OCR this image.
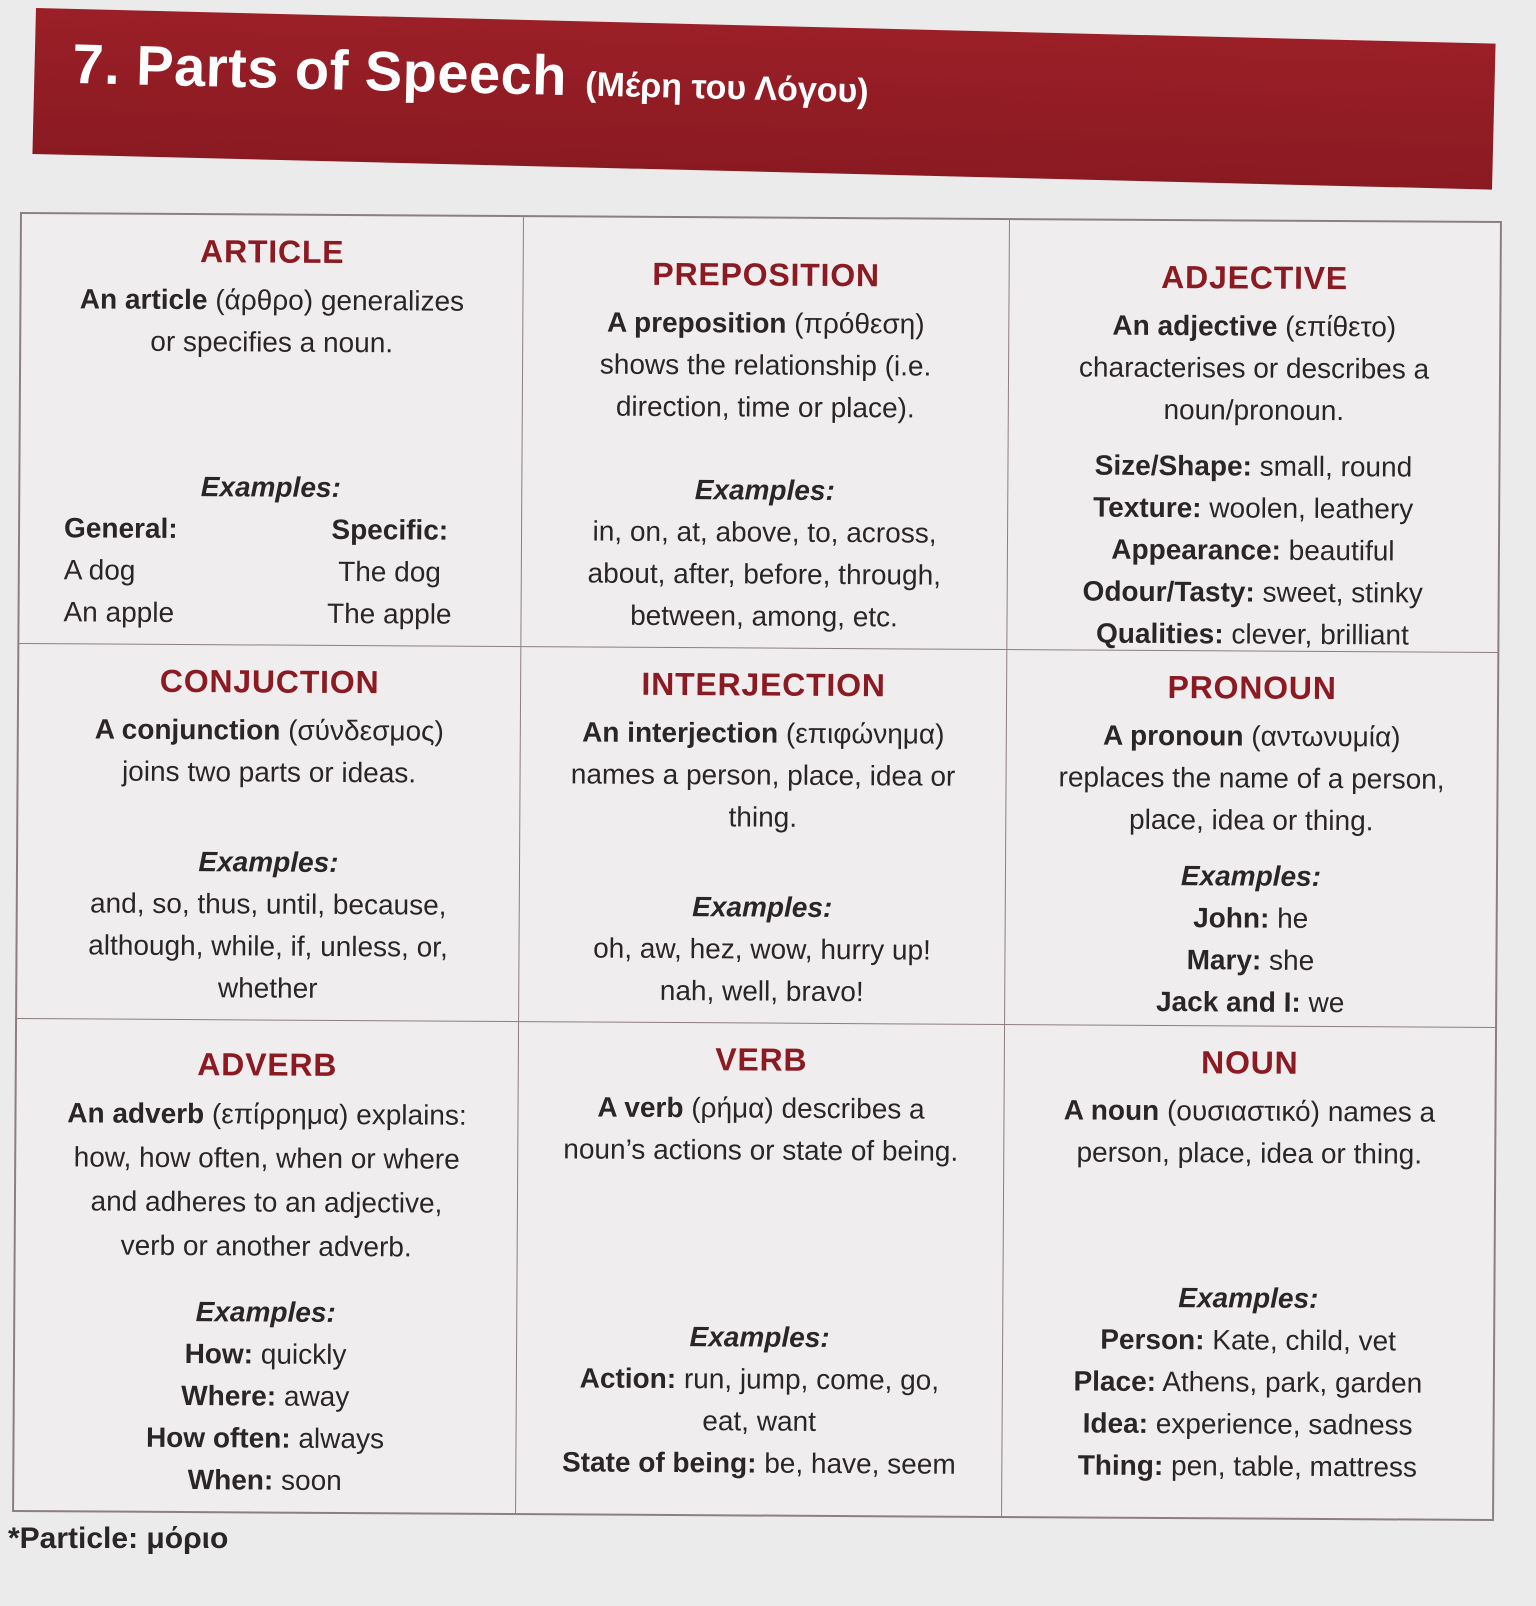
7. Parts of Speech (Μέρη του Λόγου)
ARTICLE
An article (άρθρο) generalizes
or specifies a noun.
Examples:
General:
A dog
An apple
Specific:
The dog
The apple
PREPOSITION
A preposition (πρόθεση)
shows the relationship (i.e.
direction, time or place).
Examples:
in, on, at, above, to, across,
about, after, before, through,
between, among, etc.
ADJECTIVE
An adjective (επίθετο)
characterises or describes a
noun/pronoun.
Size/Shape: small, round
Texture: woolen, leathery
Appearance: beautiful
Odour/Tasty: sweet, stinky
Qualities: clever, brilliant
CONJUCTION
A conjunction (σύνδεσμος)
joins two parts or ideas.
Examples:
and, so, thus, until, because,
although, while, if, unless, or,
whether
INTERJECTION
An interjection (επιφώνημα)
names a person, place, idea or
thing.
Examples:
oh, aw, hez, wow, hurry up!
nah, well, bravo!
PRONOUN
A pronoun (αντωνυμία)
replaces the name of a person,
place, idea or thing.
Examples:
John: he
Mary: she
Jack and I: we
ADVERB
An adverb (επίρρημα) explains:
how, how often, when or where
and adheres to an adjective,
verb or another adverb.
Examples:
How: quickly
Where: away
How often: always
When: soon
VERB
A verb (ρήμα) describes a
noun’s actions or state of being.
Examples:
Action: run, jump, come, go,
eat, want
State of being: be, have, seem
NOUN
A noun (ουσιαστικό) names a
person, place, idea or thing.
Examples:
Person: Kate, child, vet
Place: Athens, park, garden
Idea: experience, sadness
Thing: pen, table, mattress
*Particle: μόριο
